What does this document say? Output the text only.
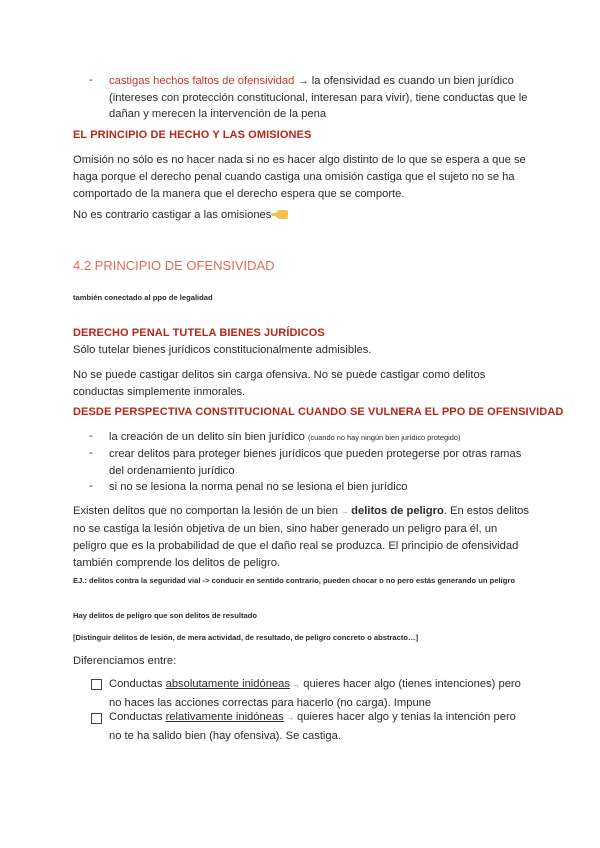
- castigas hechos faltos de ofensividad → la ofensividad es cuando un bien jurídico (intereses con protección constitucional, interesan para vivir), tiene conductas que le dañan y merecen la intervención de la pena

EL PRINCIPIO DE HECHO Y LAS OMISIONES

Omisión no sólo es no hacer nada si no es hacer algo distinto de lo que se espera a que se haga porque el derecho penal cuando castiga una omisión castiga que el sujeto no se ha comportado de la manera que el derecho espera que se comporte.

No es contrario castigar a las omisiones

4.2 PRINCIPIO DE OFENSIVIDAD

también conectado al ppo de legalidad

DERECHO PENAL TUTELA BIENES JURÍDICOS

Sólo tutelar bienes jurídicos constitucionalmente admisibles.

No se puede castigar delitos sin carga ofensiva. No se puede castigar como delitos conductas simplemente inmorales.

DESDE PERSPECTIVA CONSTITUCIONAL CUANDO SE VULNERA EL PPO DE OFENSIVIDAD

- la creación de un delito sin bien jurídico (cuando no hay ningún bien jurídico protegido)

- crear delitos para proteger bienes jurídicos que pueden protegerse por otras ramas del ordenamiento jurídico

- si no se lesiona la norma penal no se lesiona el bien jurídico

Existen delitos que no comportan la lesión de un bien → delitos de peligro. En estos delitos no se castiga la lesión objetiva de un bien, sino haber generado un peligro para él, un peligro que es la probabilidad de que el daño real se produzca. El principio de ofensividad también comprende los delitos de peligro.

EJ.: delitos contra la seguridad vial -> conducir en sentido contrario, pueden chocar o no pero estás generando un peligro

Hay delitos de peligro que son delitos de resultado

[Distinguir delitos de lesión, de mera actividad, de resultado, de peligro concreto o abstracto…]

Diferenciamos entre:

Conductas absolutamente inidóneas → quieres hacer algo (tienes intenciones) pero no haces las acciones correctas para hacerlo (no carga). Impune

Conductas relativamente inidóneas → quieres hacer algo y tenias la intención pero no te ha salido bien (hay ofensiva). Se castiga.
